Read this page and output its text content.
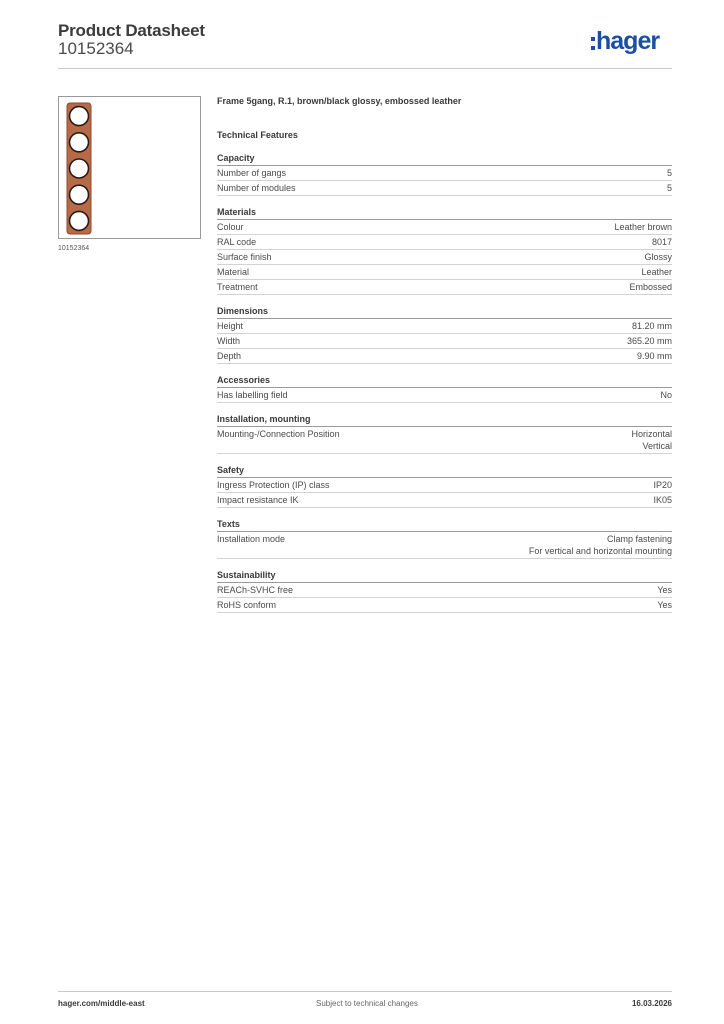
Product Datasheet
10152364	hager
10152364
Frame 5gang, R.1, brown/black glossy, embossed leather
Technical Features
Capacity
Number of gangs	5
Number of modules	5
Materials
Colour	Leather brown
RAL code	8017
Surface finish	Glossy
Material	Leather
Treatment	Embossed
Dimensions
Height	81.20 mm
Width	365.20 mm
Depth	9.90 mm
Accessories
Has labelling field	No
Installation, mounting
Mounting-/Connection Position	Horizontal
Vertical
Safety
Ingress Protection (IP) class	IP20
Impact resistance IK	IK05
Texts
Installation mode	Clamp fastening
For vertical and horizontal mounting
Sustainability
REACh-SVHC free	Yes
RoHS conform	Yes
hager.com/middle-east	Subject to technical changes	16.03.2026
